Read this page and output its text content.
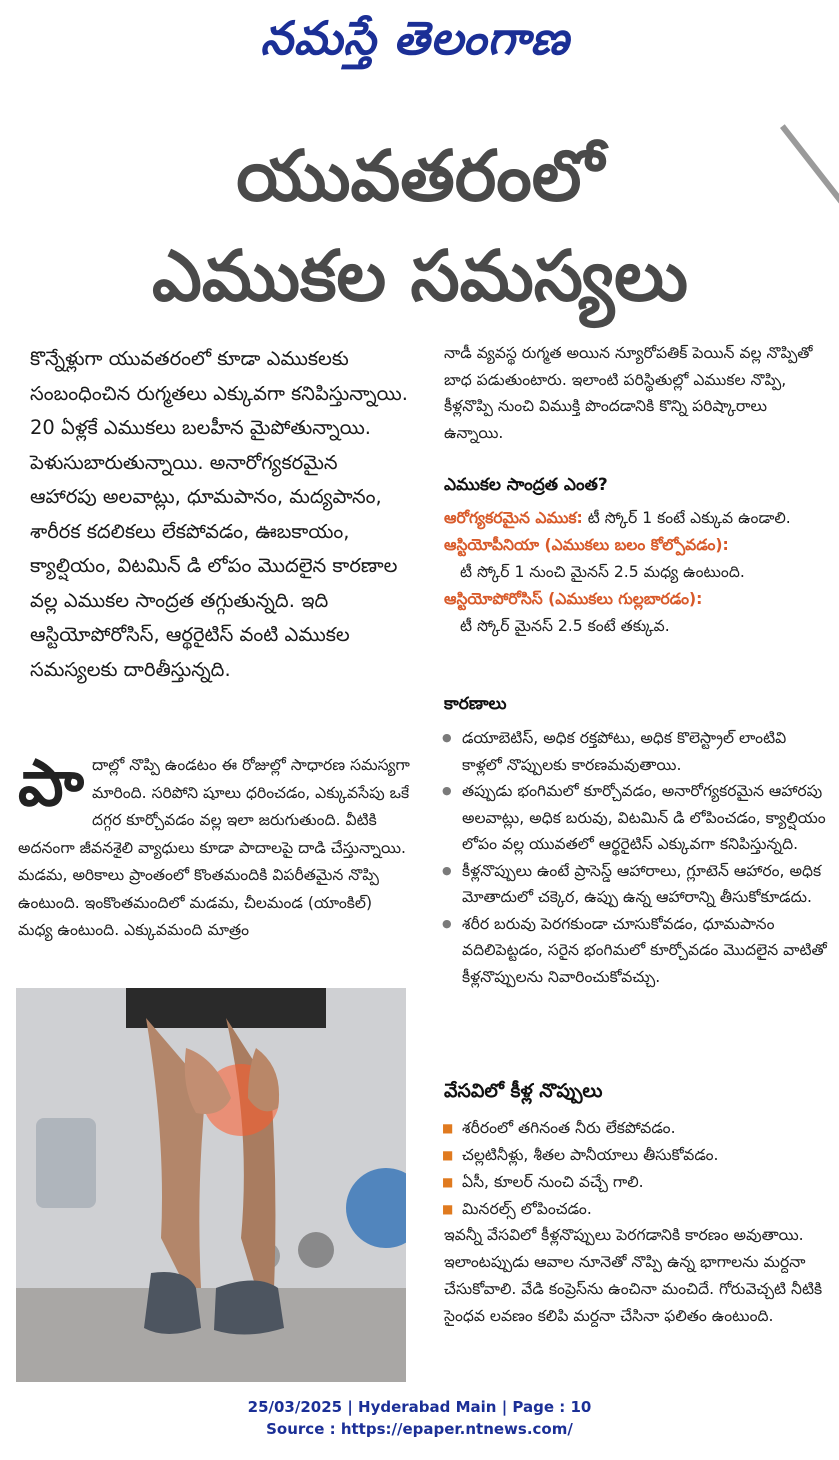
నమస్తే తెలంగాణ
యువతరంలో
ఎముకల సమస్యలు

కొన్నేళ్లుగా యువతరంలో కూడా ఎముకలకు సంబంధించిన రుగ్మతలు ఎక్కువగా కనిపిస్తున్నాయి. 20 ఏళ్లకే ఎముకలు బలహీన మైపోతున్నాయి. పెళుసుబారుతున్నాయి. అనారోగ్యకరమైన ఆహారపు అలవాట్లు, ధూమపానం, మద్యపానం, శారీరక కదలికలు లేకపోవడం, ఊబకాయం, క్యాల్షియం, విటమిన్ డి లోపం మొదలైన కారణాల వల్ల ఎముకల సాంద్రత తగ్గుతున్నది. ఇది ఆస్టియోపోరోసిస్, ఆర్థరైటిస్ వంటి ఎముకల సమస్యలకు దారితీస్తున్నది.

పా దాల్లో నొప్పి ఉండటం ఈ రోజుల్లో సాధారణ సమస్యగా మారింది. సరిపోని షూలు ధరించడం, ఎక్కువసేపు ఒకే దగ్గర కూర్చోవడం వల్ల ఇలా జరుగుతుంది. వీటికి అదనంగా జీవనశైలి వ్యాధులు కూడా పాదాలపై దాడి చేస్తున్నాయి. మడమ, అరికాలు ప్రాంతంలో కొంతమందికి విపరీతమైన నొప్పి ఉంటుంది. ఇంకొంతమందిలో మడమ, చీలమండ (యాంకిల్) మధ్య ఉంటుంది. ఎక్కువమంది మాత్రం

నాడీ వ్యవస్థ రుగ్మత అయిన న్యూరోపతిక్ పెయిన్ వల్ల నొప్పితో బాధ పడుతుంటారు. ఇలాంటి పరిస్థితుల్లో ఎముకల నొప్పి, కీళ్లనొప్పి నుంచి విముక్తి పొందడానికి కొన్ని పరిష్కారాలు ఉన్నాయి.

ఎముకల సాంద్రత ఎంత?

ఆరోగ్యకరమైన ఎముక: టీ స్కోర్ 1 కంటే ఎక్కువ ఉండాలి.

ఆస్టియోపీనియా (ఎముకలు బలం కోల్పోవడం):
టీ స్కోర్ 1 నుంచి మైనస్ 2.5 మధ్య ఉంటుంది.

ఆస్టియోపోరోసిస్ (ఎముకలు గుల్లబారడం):
టీ స్కోర్ మైనస్ 2.5 కంటే తక్కువ.

కారణాలు

● డయాబెటిస్, అధిక రక్తపోటు, అధిక కొలెస్ట్రాల్ లాంటివి కాళ్లలో నొప్పులకు కారణమవుతాయి.
● తప్పుడు భంగిమలో కూర్చోవడం, అనారోగ్యకరమైన ఆహారపు అలవాట్లు, అధిక బరువు, విటమిన్ డి లోపించడం, క్యాల్షియం లోపం వల్ల యువతలో ఆర్థరైటిస్ ఎక్కువగా కనిపిస్తున్నది.
● కీళ్లనొప్పులు ఉంటే ప్రాసెస్డ్ ఆహారాలు, గ్లూటెన్ ఆహారం, అధిక మోతాదులో చక్కెర, ఉప్పు ఉన్న ఆహారాన్ని తీసుకోకూడదు.
● శరీర బరువు పెరగకుండా చూసుకోవడం, ధూమపానం వదిలిపెట్టడం, సరైన భంగిమలో కూర్చోవడం మొదలైన వాటితో కీళ్లనొప్పులను నివారించుకోవచ్చు.

వేసవిలో కీళ్ల నొప్పులు

■ శరీరంలో తగినంత నీరు లేకపోవడం.
■ చల్లటినీళ్లు, శీతల పానీయాలు తీసుకోవడం.
■ ఏసీ, కూలర్ నుంచి వచ్చే గాలి.
■ మినరల్స్ లోపించడం.

ఇవన్నీ వేసవిలో కీళ్లనొప్పులు పెరగడానికి కారణం అవుతాయి. ఇలాంటప్పుడు ఆవాల నూనెతో నొప్పి ఉన్న భాగాలను మర్దనా చేసుకోవాలి. వేడి కంప్రెస్‌ను ఉంచినా మంచిదే. గోరువెచ్చటి నీటికి సైంధవ లవణం కలిపి మర్దనా చేసినా ఫలితం ఉంటుంది.

25/03/2025 | Hyderabad Main | Page : 10
Source : https://epaper.ntnews.com/
